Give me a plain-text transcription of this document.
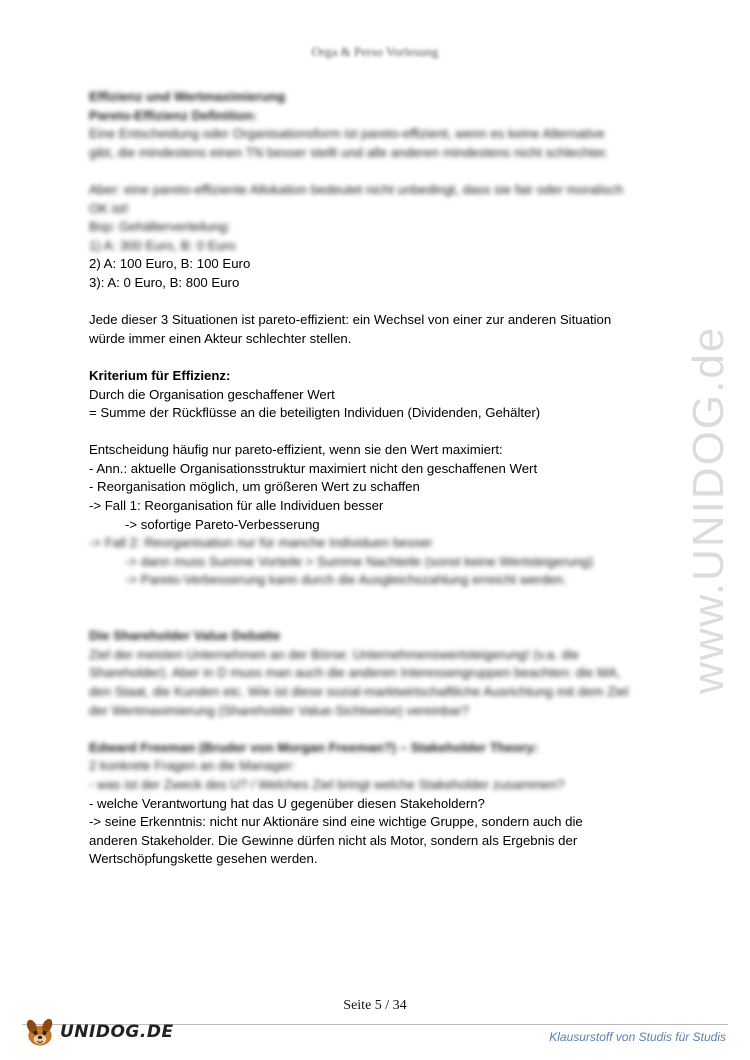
Orga & Perso Vorlesung
Effizienz und Wertmaximierung
Pareto-Effizienz Definition:
Eine Entscheidung oder Organisationsform ist pareto-effizient, wenn es keine Alternative
gibt, die mindestens einen TN besser stellt und alle anderen mindestens nicht schlechter.
Aber: eine pareto-effiziente Allokation bedeutet nicht unbedingt, dass sie fair oder moralisch
OK ist!
Bsp: Gehälterverteilung:
1) A: 300 Euro, B: 0 Euro
2) A: 100 Euro, B: 100 Euro
3): A: 0 Euro, B: 800 Euro
Jede dieser 3 Situationen ist pareto-effizient: ein Wechsel von einer zur anderen Situation
würde immer einen Akteur schlechter stellen.
Kriterium für Effizienz:
Durch die Organisation geschaffener Wert
= Summe der Rückflüsse an die beteiligten Individuen (Dividenden, Gehälter)
Entscheidung häufig nur pareto-effizient, wenn sie den Wert maximiert:
- Ann.: aktuelle Organisationsstruktur maximiert nicht den geschaffenen Wert
- Reorganisation möglich, um größeren Wert zu schaffen
-> Fall 1: Reorganisation für alle Individuen besser
-> sofortige Pareto-Verbesserung
-> Fall 2: Reorganisation nur für manche Individuen besser
-> dann muss Summe Vorteile > Summe Nachteile (sonst keine Wertsteigerung)
-> Pareto-Verbesserung kann durch die Ausgleichszahlung erreicht werden.
Die Shareholder Value Debatte
Ziel der meisten Unternehmen an der Börse: Unternehmenswertsteigerung! (v.a. die
Shareholder). Aber in D muss man auch die anderen Interessengruppen beachten: die MA,
den Staat, die Kunden etc. Wie ist diese sozial-marktwirtschaftliche Ausrichtung mit dem Ziel
der Wertmaximierung (Shareholder Value-Sichtweise) vereinbar?
Edward Freeman (Bruder von Morgan Freeman?) – Stakeholder Theory:
2 konkrete Fragen an die Manager:
- was ist der Zweck des U? / Welches Ziel bringt welche Stakeholder zusammen?
- welche Verantwortung hat das U gegenüber diesen Stakeholdern?
-> seine Erkenntnis: nicht nur Aktionäre sind eine wichtige Gruppe, sondern auch die
anderen Stakeholder. Die Gewinne dürfen nicht als Motor, sondern als Ergebnis der
Wertschöpfungskette gesehen werden.
www.UNIDOG.de
Seite 5 / 34
UNIDOG.DE	Klausurstoff von Studis für Studis
